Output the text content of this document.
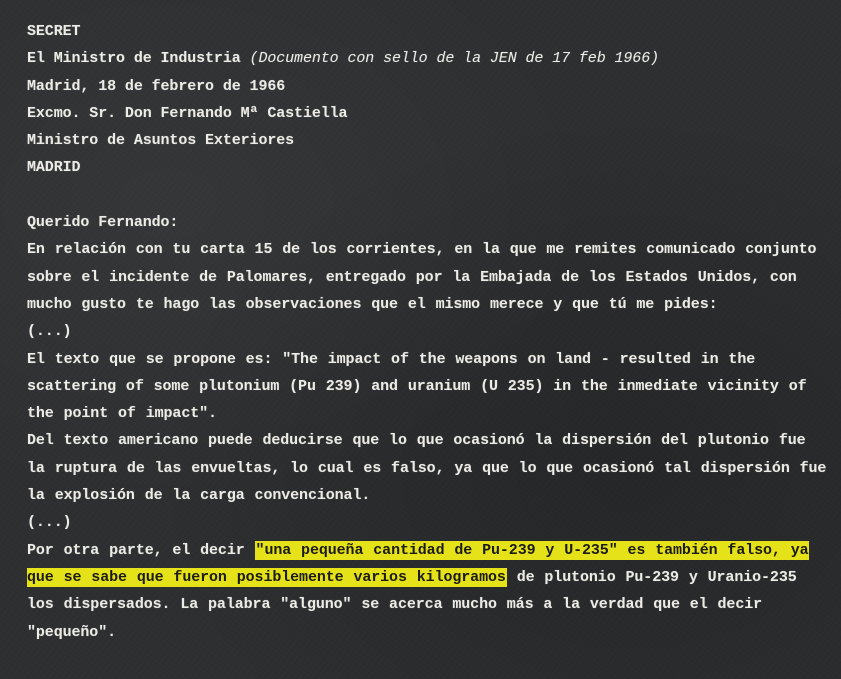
SECRET
El Ministro de Industria (Documento con sello de la JEN de 17 feb 1966)
Madrid, 18 de febrero de 1966
Excmo. Sr. Don Fernando Mª Castiella
Ministro de Asuntos Exteriores
MADRID
Querido Fernando:
En relación con tu carta 15 de los corrientes, en la que me remites comunicado conjunto sobre el incidente de Palomares, entregado por la Embajada de los Estados Unidos, con mucho gusto te hago las observaciones que el mismo merece y que tú me pides:
(...)
El texto que se propone es: "The impact of the weapons on land - resulted in the scattering of some plutonium (Pu 239) and uranium (U 235) in the inmediate vicinity of the point of impact".
Del texto americano puede deducirse que lo que ocasionó la dispersión del plutonio fue la ruptura de las envueltas, lo cual es falso, ya que lo que ocasionó tal dispersión fue la explosión de la carga convencional.
(...)
Por otra parte, el decir "una pequeña cantidad de Pu-239 y U-235" es también falso, ya que se sabe que fueron posiblemente varios kilogramos de plutonio Pu-239 y Uranio-235 los dispersados. La palabra "alguno" se acerca mucho más a la verdad que el decir "pequeño".
